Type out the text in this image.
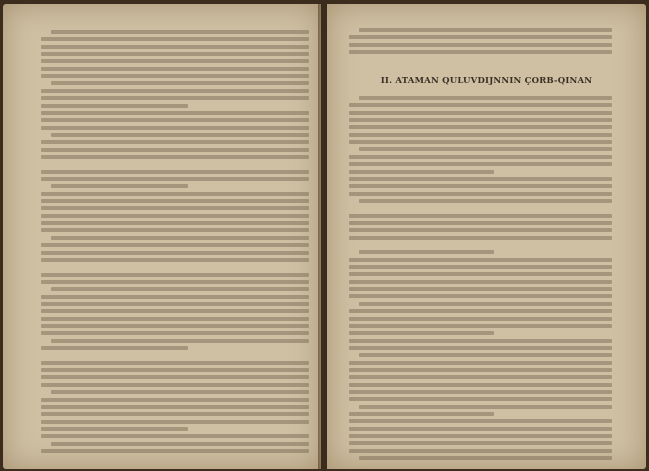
II. ATAMAN QULUVDIJNNIN ÇORB-QINAN
